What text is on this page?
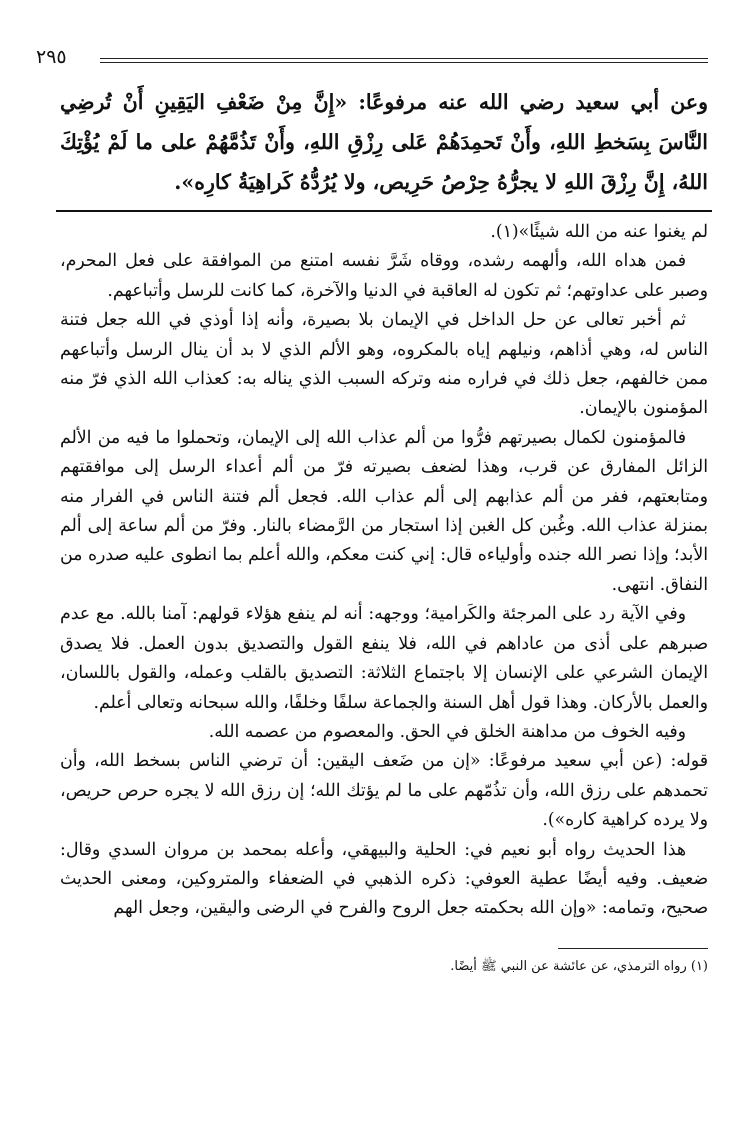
٢٩٥
وعن أبي سعيد رضي الله عنه مرفوعًا: «إِنَّ مِنْ ضَعْفِ اليَقِينِ أَنْ تُرضِي النَّاسَ بِسَخطِ اللهِ، وأَنْ تَحمِدَهُمْ عَلى رِزْقِ اللهِ، وأَنْ تَذُمَّهُمْ على ما لَمْ يُؤْتِكَ اللهُ، إِنَّ رِزْقَ اللهِ لا يجرُّهُ حِرْصُ حَرِيص، ولا يُرُدُّهُ كَراهِيَةُ كارِه».

لم يغنوا عنه من الله شيئًا»(١).

فمن هداه الله، وألهمه رشده، ووقاه شَرَّ نفسه امتنع من الموافقة على فعل المحرم، وصبر على عداوتهم؛ ثم تكون له العاقبة في الدنيا والآخرة، كما كانت للرسل وأتباعهم.

ثم أخبر تعالى عن حل الداخل في الإيمان بلا بصيرة، وأنه إذا أوذي في الله جعل فتنة الناس له، وهي أذاهم، ونيلهم إياه بالمكروه، وهو الألم الذي لا بد أن ينال الرسل وأتباعهم ممن خالفهم، جعل ذلك في فراره منه وتركه السبب الذي يناله به: كعذاب الله الذي فرّ منه المؤمنون بالإيمان.

فالمؤمنون لكمال بصيرتهم فرُّوا من ألم عذاب الله إلى الإيمان، وتحملوا ما فيه من الألم الزائل المفارق عن قرب، وهذا لضعف بصيرته فرّ من ألم أعداء الرسل إلى موافقتهم ومتابعتهم، ففر من ألم عذابهم إلى ألم عذاب الله. فجعل ألم فتنة الناس في الفرار منه بمنزلة عذاب الله. وغُبن كل الغبن إذا استجار من الرَّمضاء بالنار. وفرّ من ألم ساعة إلى ألم الأبد؛ وإذا نصر الله جنده وأولياءه قال: إني كنت معكم، والله أعلم بما انطوى عليه صدره من النفاق. انتهى.

وفي الآية رد على المرجئة والكَرامية؛ ووجهه: أنه لم ينفع هؤلاء قولهم: آمنا بالله. مع عدم صبرهم على أذى من عاداهم في الله، فلا ينفع القول والتصديق بدون العمل. فلا يصدق الإيمان الشرعي على الإنسان إلا باجتماع الثلاثة: التصديق بالقلب وعمله، والقول باللسان، والعمل بالأركان. وهذا قول أهل السنة والجماعة سلفًا وخلفًا، والله سبحانه وتعالى أعلم.

وفيه الخوف من مداهنة الخلق في الحق. والمعصوم من عصمه الله.

قوله: (عن أبي سعيد مرفوعًا: «إن من ضَعف اليقين: أن ترضي الناس بسخط الله، وأن تحمدهم على رزق الله، وأن تذُمّهم على ما لم يؤتك الله؛ إن رزق الله لا يجره حرص حريص، ولا يرده كراهية كاره»).

هذا الحديث رواه أبو نعيم في: الحلية والبيهقي، وأعله بمحمد بن مروان السدي وقال: ضعيف. وفيه أيضًا عطية العوفي: ذكره الذهبي في الضعفاء والمتروكين، ومعنى الحديث صحيح، وتمامه: «وإن الله بحكمته جعل الروح والفرح في الرضى واليقين، وجعل الهم

(١) رواه الترمذي، عن عائشة عن النبي ﷺ أيضًا.
